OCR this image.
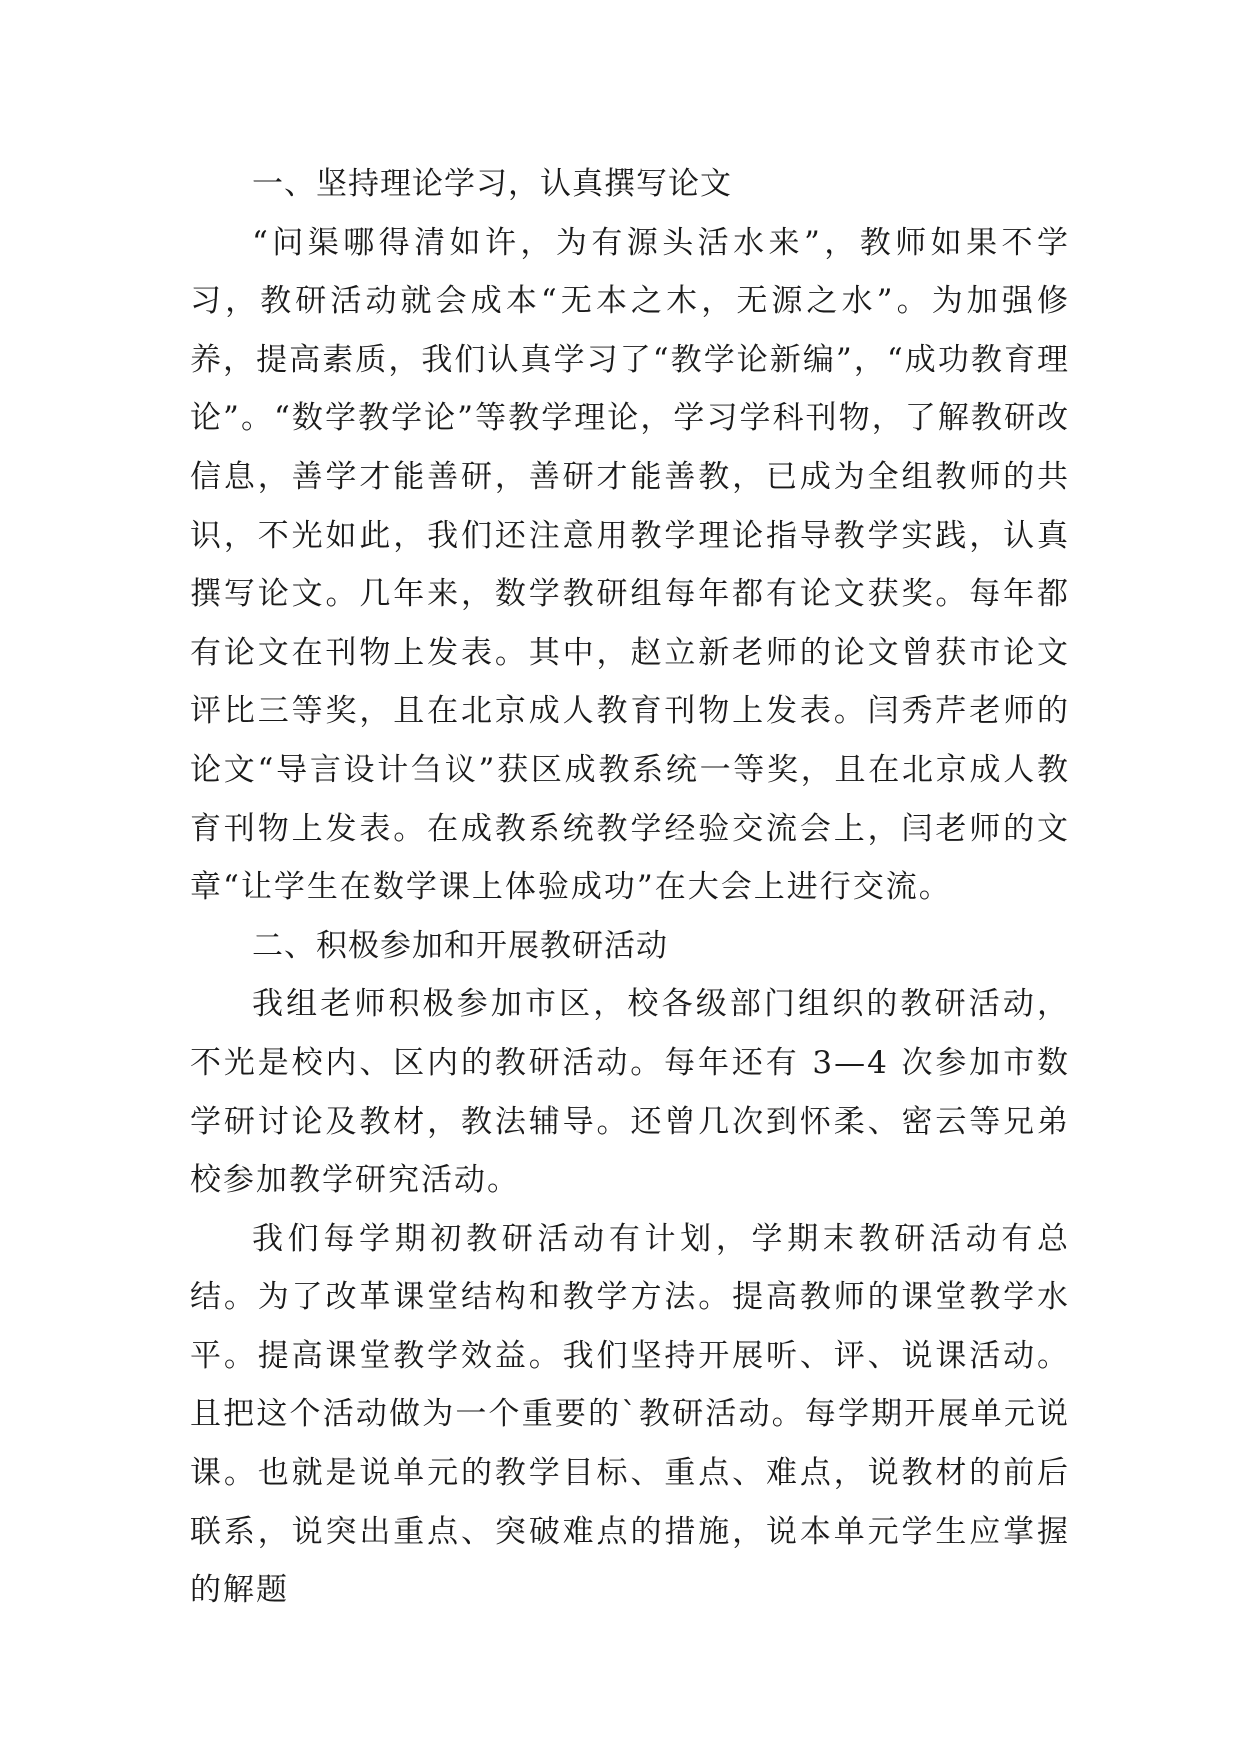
一、坚持理论学习，认真撰写论文

“问渠哪得清如许，为有源头活水来”，教师如果不学习，教研活动就会成本“无本之木，无源之水”。为加强修养，提高素质，我们认真学习了“教学论新编”，“成功教育理论”。“数学教学论”等教学理论，学习学科刊物，了解教研改信息，善学才能善研，善研才能善教，已成为全组教师的共识，不光如此，我们还注意用教学理论指导教学实践，认真撰写论文。几年来，数学教研组每年都有论文获奖。每年都有论文在刊物上发表。其中，赵立新老师的论文曾获市论文评比三等奖，且在北京成人教育刊物上发表。闫秀芹老师的论文“导言设计刍议”获区成教系统一等奖，且在北京成人教育刊物上发表。在成教系统教学经验交流会上，闫老师的文章“让学生在数学课上体验成功”在大会上进行交流。

二、积极参加和开展教研活动

我组老师积极参加市区，校各级部门组织的教研活动，不光是校内、区内的教研活动。每年还有 3—4 次参加市数学研讨论及教材，教法辅导。还曾几次到怀柔、密云等兄弟校参加教学研究活动。

我们每学期初教研活动有计划，学期末教研活动有总结。为了改革课堂结构和教学方法。提高教师的课堂教学水平。提高课堂教学效益。我们坚持开展听、评、说课活动。且把这个活动做为一个重要的`教研活动。每学期开展单元说课。也就是说单元的教学目标、重点、难点，说教材的前后联系，说突出重点、突破难点的措施，说本单元学生应掌握的解题
